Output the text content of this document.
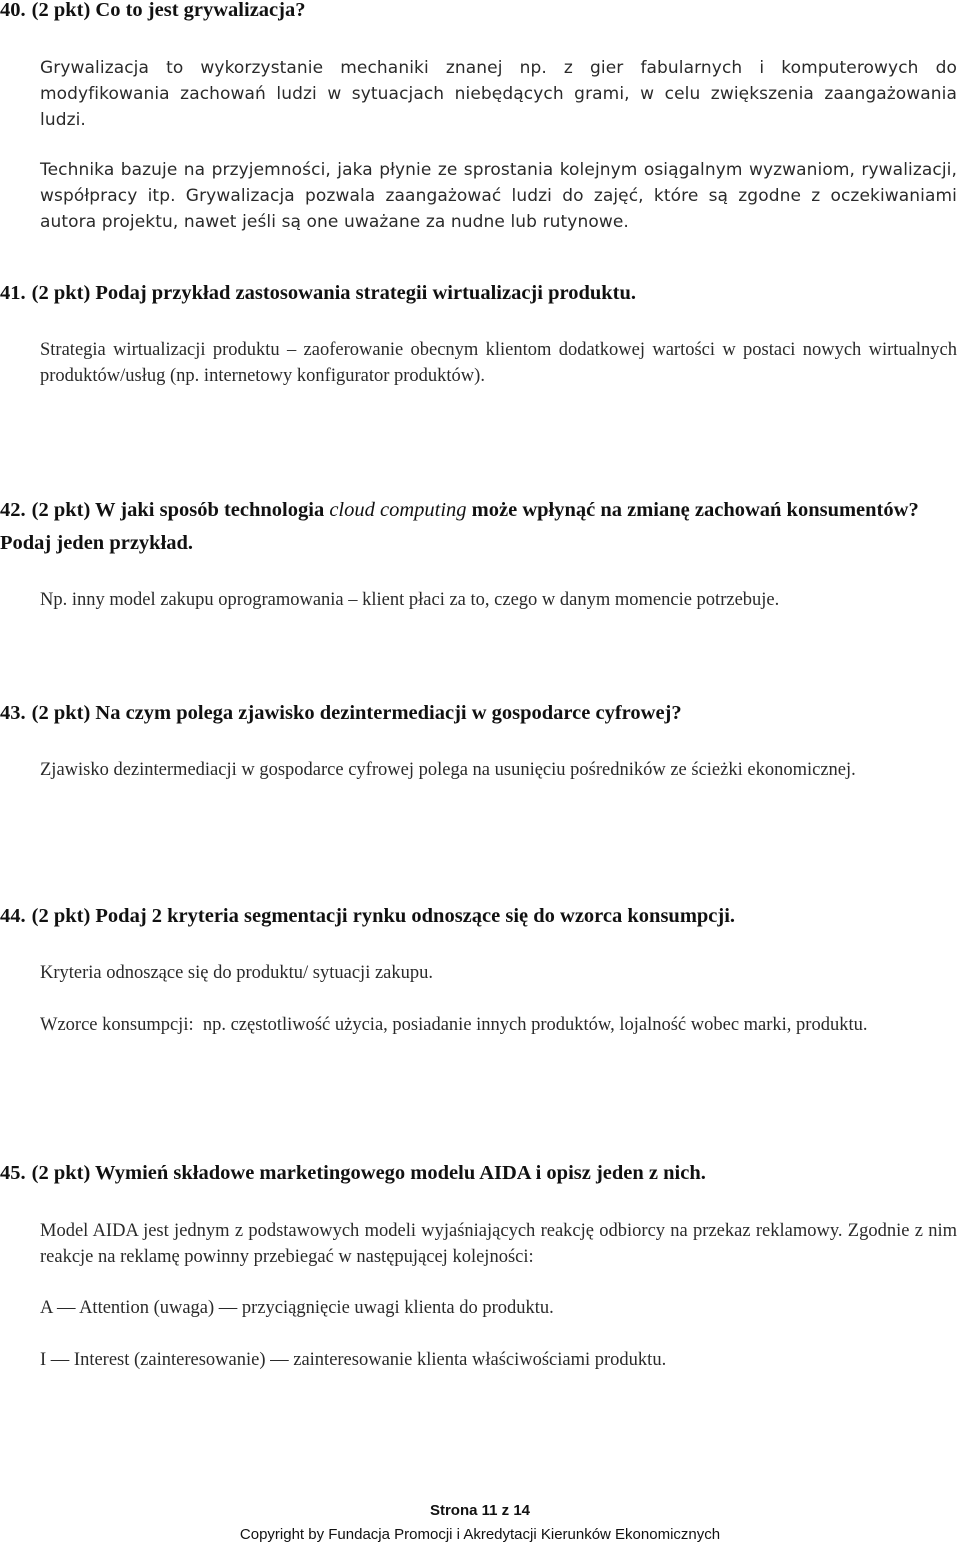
40. (2 pkt) Co to jest grywalizacja?

Grywalizacja to wykorzystanie mechaniki znanej np. z gier fabularnych i komputerowych do modyfikowania zachowań ludzi w sytuacjach niebędących grami, w celu zwiększenia zaangażowania ludzi.

Technika bazuje na przyjemności, jaka płynie ze sprostania kolejnym osiągalnym wyzwaniom, rywalizacji, współpracy itp. Grywalizacja pozwala zaangażować ludzi do zajęć, które są zgodne z oczekiwaniami autora projektu, nawet jeśli są one uważane za nudne lub rutynowe.

41. (2 pkt) Podaj przykład zastosowania strategii wirtualizacji produktu.

Strategia wirtualizacji produktu – zaoferowanie obecnym klientom dodatkowej wartości w postaci nowych wirtualnych produktów/usług (np. internetowy konfigurator produktów).

42. (2 pkt) W jaki sposób technologia cloud computing może wpłynąć na zmianę zachowań konsumentów? Podaj jeden przykład.

Np. inny model zakupu oprogramowania – klient płaci za to, czego w danym momencie potrzebuje.

43. (2 pkt) Na czym polega zjawisko dezintermediacji w gospodarce cyfrowej?

Zjawisko dezintermediacji w gospodarce cyfrowej polega na usunięciu pośredników ze ścieżki ekonomicznej.

44. (2 pkt) Podaj 2 kryteria segmentacji rynku odnoszące się do wzorca konsumpcji.

Kryteria odnoszące się do produktu/ sytuacji zakupu.

Wzorce konsumpcji:  np. częstotliwość użycia, posiadanie innych produktów, lojalność wobec marki, produktu.

45. (2 pkt) Wymień składowe marketingowego modelu AIDA i opisz jeden z nich.

Model AIDA jest jednym z podstawowych modeli wyjaśniających reakcję odbiorcy na przekaz reklamowy. Zgodnie z nim reakcje na reklamę powinny przebiegać w następującej kolejności:

A — Attention (uwaga) — przyciągnięcie uwagi klienta do produktu.

I — Interest (zainteresowanie) — zainteresowanie klienta właściwościami produktu.

Strona 11 z 14
Copyright by Fundacja Promocji i Akredytacji Kierunków Ekonomicznych
